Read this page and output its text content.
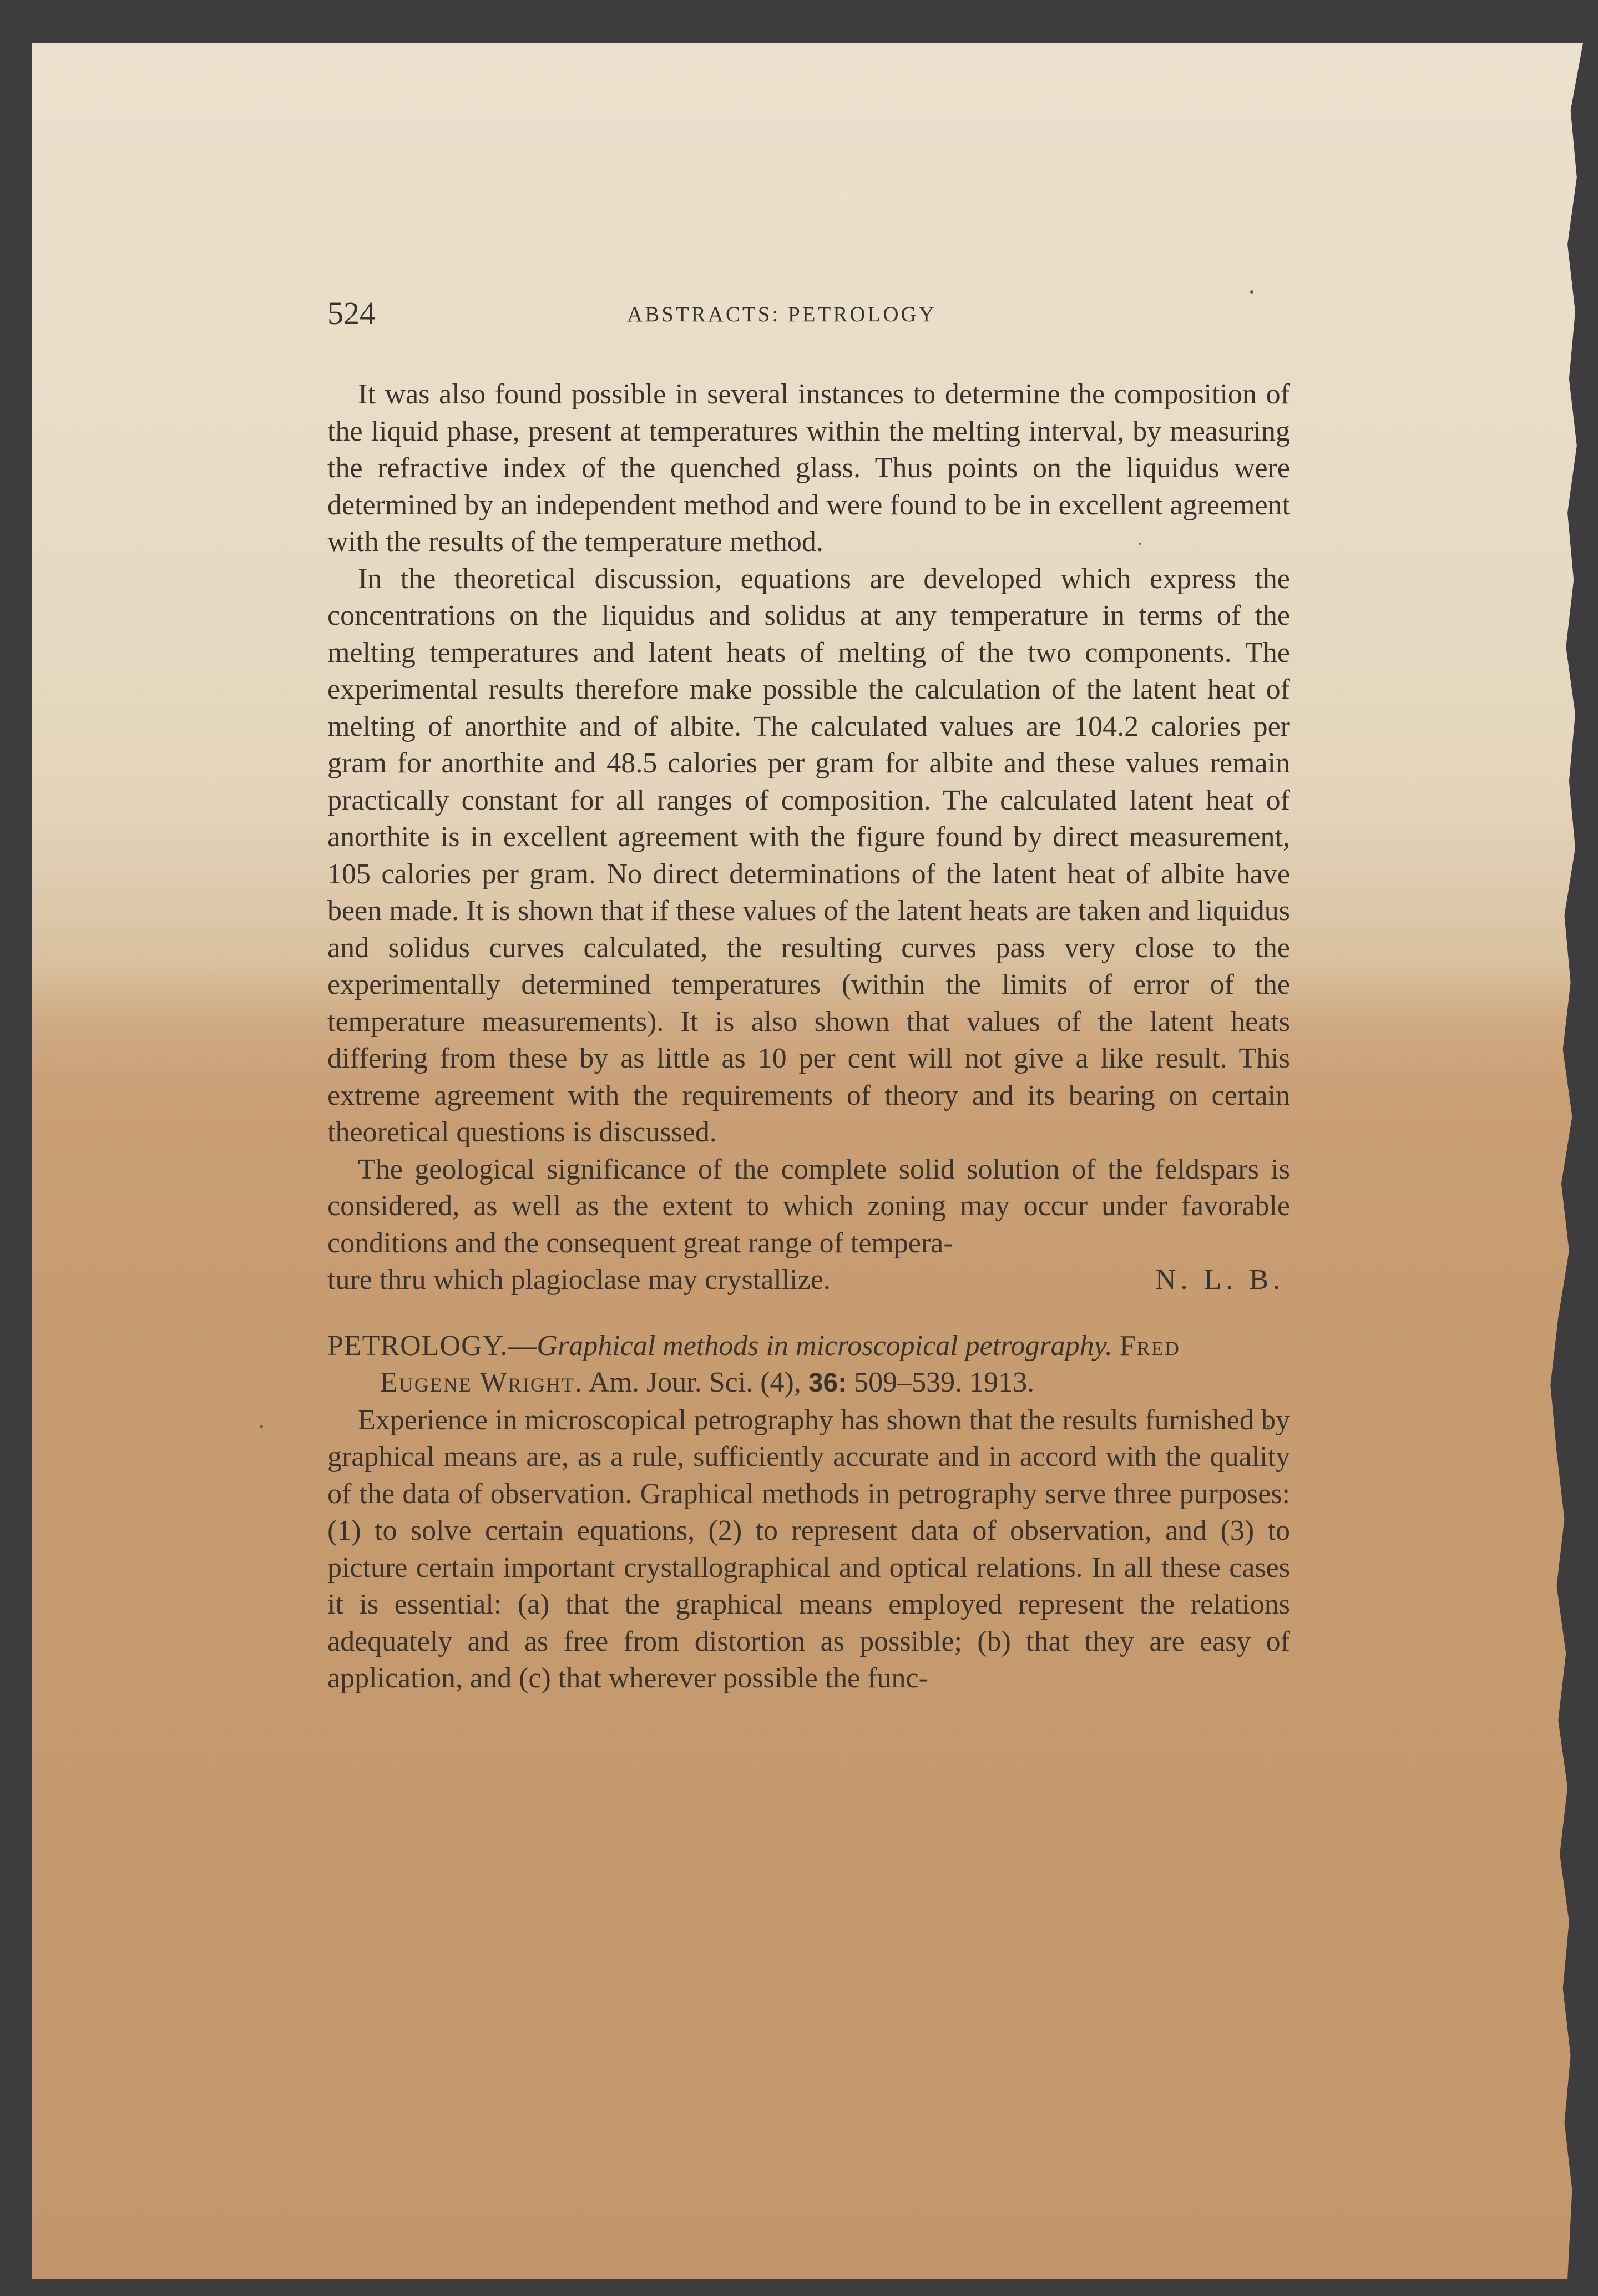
524	ABSTRACTS: PETROLOGY

It was also found possible in several instances to determine the composition of the liquid phase, present at temperatures within the melting interval, by measuring the refractive index of the quenched glass. Thus points on the liquidus were determined by an independent method and were found to be in excellent agreement with the results of the temperature method.

In the theoretical discussion, equations are developed which express the concentrations on the liquidus and solidus at any temperature in terms of the melting temperatures and latent heats of melting of the two components. The experimental results therefore make possible the calculation of the latent heat of melting of anorthite and of albite. The calculated values are 104.2 calories per gram for anorthite and 48.5 calories per gram for albite and these values remain practically constant for all ranges of composition. The calculated latent heat of anorthite is in excellent agreement with the figure found by direct measurement, 105 calories per gram. No direct determinations of the latent heat of albite have been made. It is shown that if these values of the latent heats are taken and liquidus and solidus curves calculated, the resulting curves pass very close to the experimentally determined temperatures (within the limits of error of the temperature measurements). It is also shown that values of the latent heats differing from these by as little as 10 per cent will not give a like result. This extreme agreement with the requirements of theory and its bearing on certain theoretical questions is discussed.

The geological significance of the complete solid solution of the feldspars is considered, as well as the extent to which zoning may occur under favorable conditions and the consequent great range of tempera-

ture thru which plagioclase may crystallize.	N. L. B.

PETROLOGY.—Graphical methods in microscopical petrography. Fred

Eugene Wright. Am. Jour. Sci. (4), 36: 509–539. 1913.

Experience in microscopical petrography has shown that the results furnished by graphical means are, as a rule, sufficiently accurate and in accord with the quality of the data of observation. Graphical methods in petrography serve three purposes: (1) to solve certain equations, (2) to represent data of observation, and (3) to picture certain important crystallographical and optical relations. In all these cases it is essential: (a) that the graphical means employed represent the relations adequately and as free from distortion as possible; (b) that they are easy of application, and (c) that wherever possible the func-
